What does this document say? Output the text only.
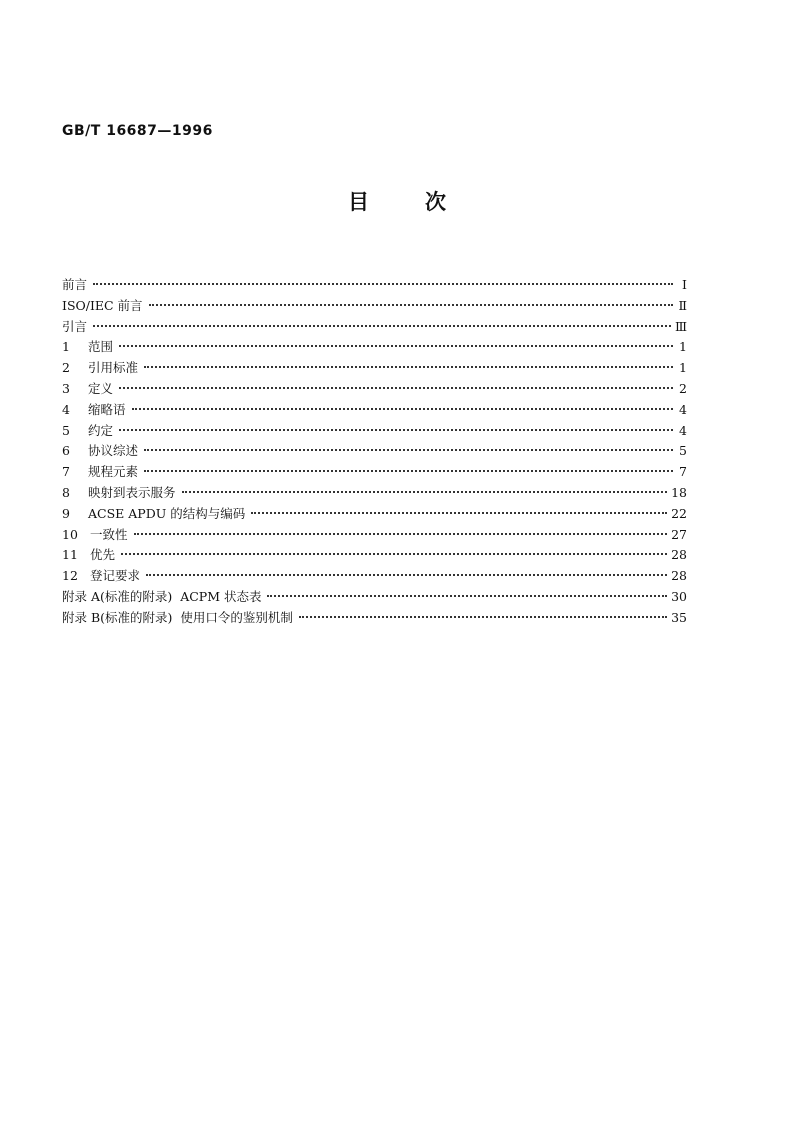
GB/T 16687—1996
目	次
前言	Ⅰ
ISO/IEC 前言	Ⅱ
引言	Ⅲ
1	范围	1
2	引用标准	1
3	定义	2
4	缩略语	4
5	约定	4
6	协议综述	5
7	规程元素	7
8	映射到表示服务	18
9	ACSE APDU 的结构与编码	22
10 一致性	27
11 优先	28
12 登记要求	28
附录 A(标准的附录)  ACPM 状态表	30
附录 B(标准的附录)  使用口令的鉴别机制	35
